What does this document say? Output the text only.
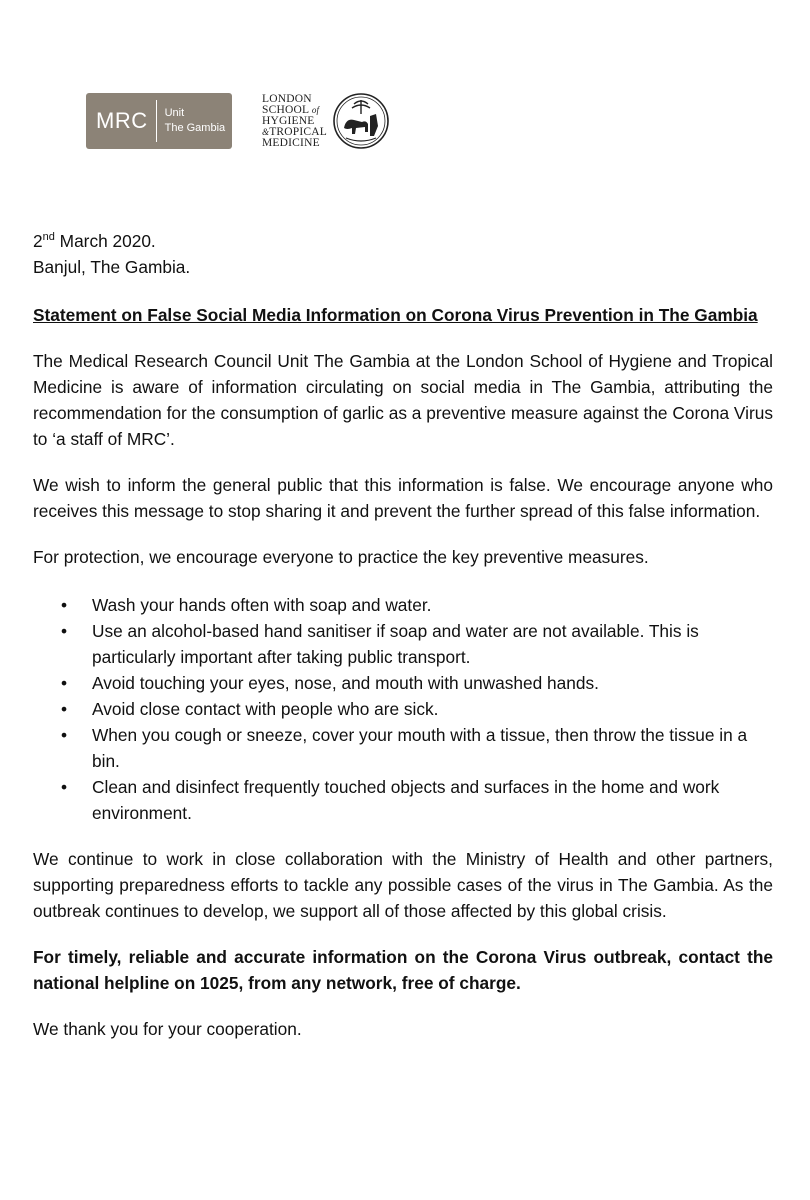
MRC Unit
The Gambia
LONDON
SCHOOL of
HYGIENE
&TROPICAL
MEDICINE

2nd March 2020.

Banjul, The Gambia.

Statement on False Social Media Information on Corona Virus Prevention in The Gambia

The Medical Research Council Unit The Gambia at the London School of Hygiene and Tropical Medicine is aware of information circulating on social media in The Gambia, attributing the recommendation for the consumption of garlic as a preventive measure against the Corona Virus to ‘a staff of MRC’.

We wish to inform the general public that this information is false. We encourage anyone who receives this message to stop sharing it and prevent the further spread of this false information.

For protection, we encourage everyone to practice the key preventive measures.

• Wash your hands often with soap and water.
• Use an alcohol-based hand sanitiser if soap and water are not available. This is particularly important after taking public transport.
• Avoid touching your eyes, nose, and mouth with unwashed hands.
• Avoid close contact with people who are sick.
• When you cough or sneeze, cover your mouth with a tissue, then throw the tissue in a bin.
• Clean and disinfect frequently touched objects and surfaces in the home and work environment.

We continue to work in close collaboration with the Ministry of Health and other partners, supporting preparedness efforts to tackle any possible cases of the virus in The Gambia. As the outbreak continues to develop, we support all of those affected by this global crisis.

For timely, reliable and accurate information on the Corona Virus outbreak, contact the national helpline on 1025, from any network, free of charge.

We thank you for your cooperation.
